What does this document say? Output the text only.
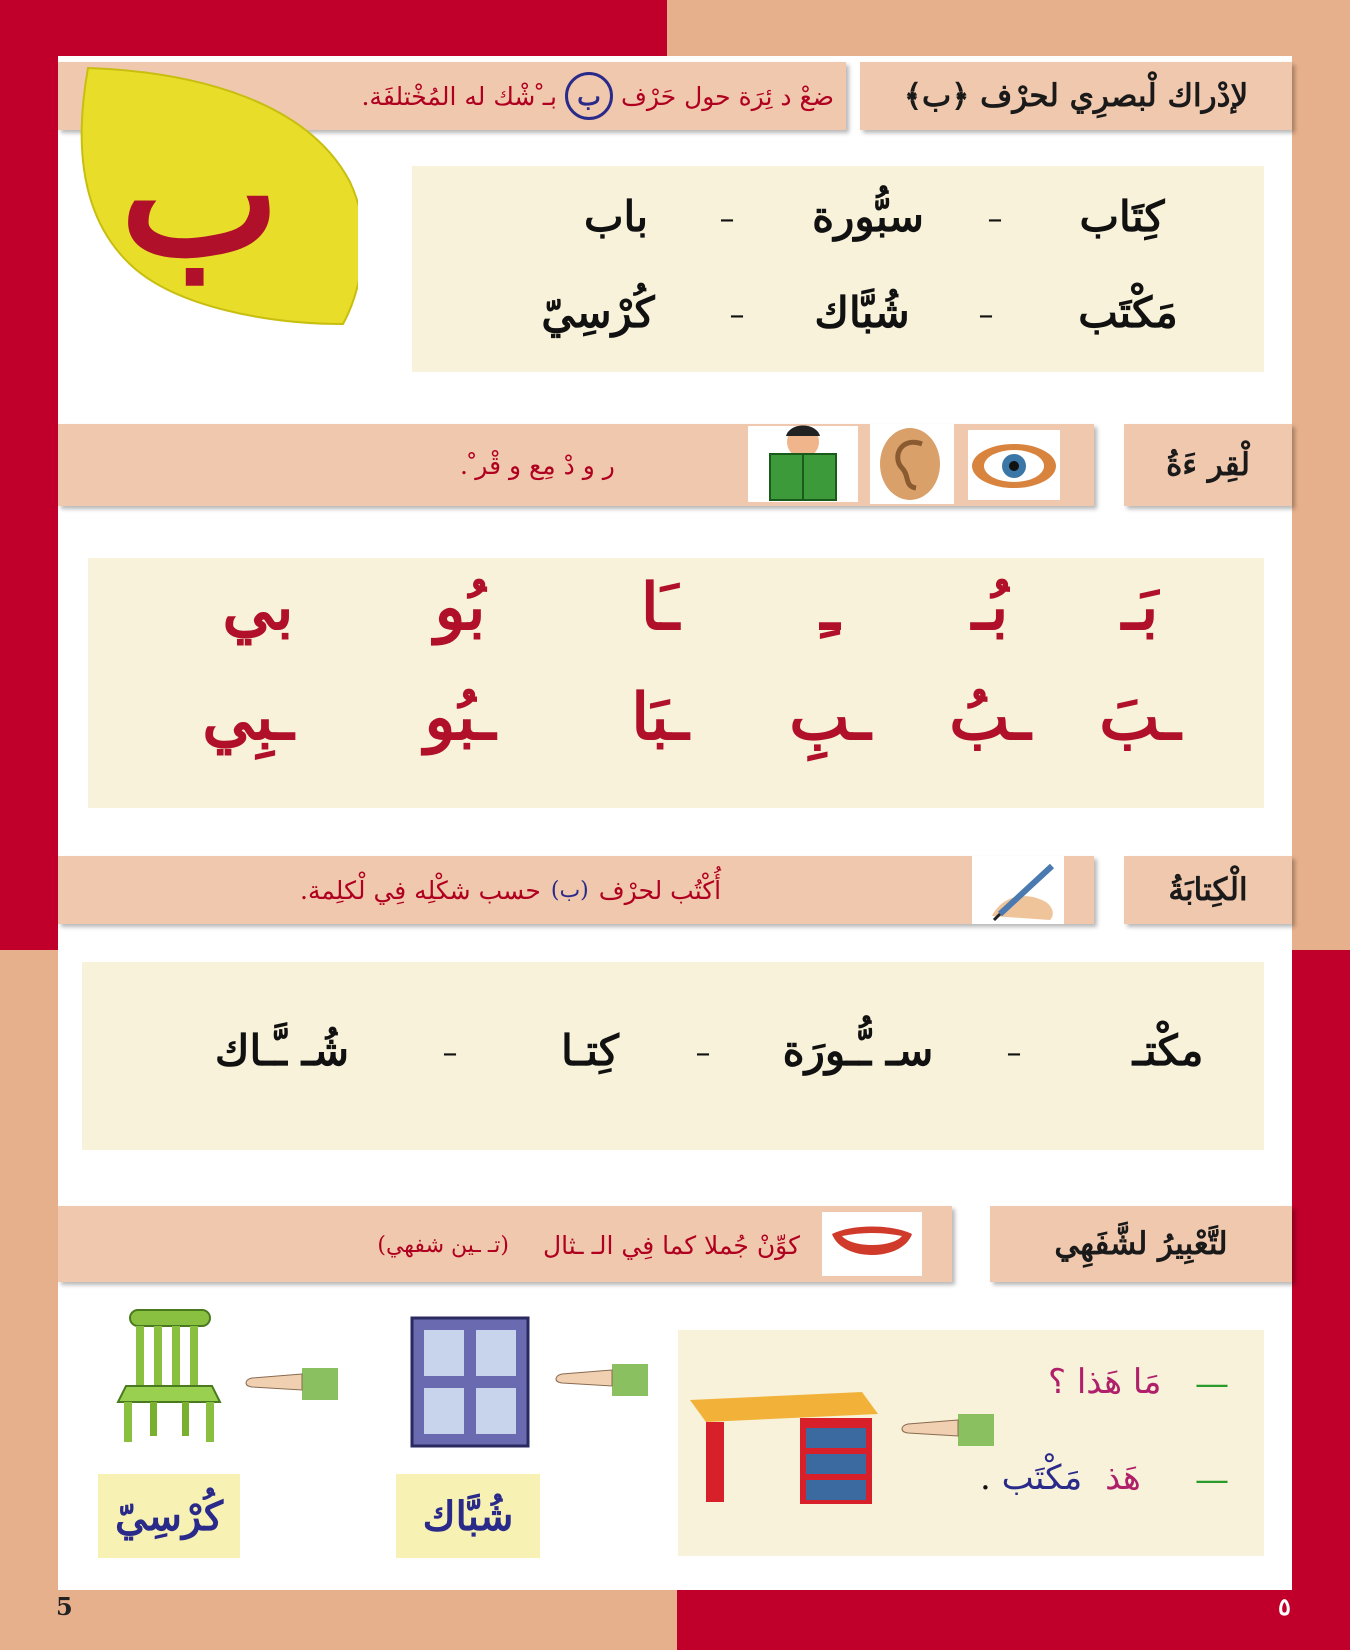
لإدْراك لْبصرِي لحرْف ﴿ب﴾
ضعْ د ئِرَة حول حَرْف
ب
بـ ْشْك له المُخْتلفَة.
ب	كِتَاب
–
سبُّورة
–
باب
مَكْتَب
–
شُبَّاك
–
كُرْسِيّ
لْقِر ءَةُ
ر و دْ مِع و قْر ْ.
بَـ
بُـ
ـِ
ـَا
بُو
بي
ـبَ
ـبُ
ـبِ
ـبَا
ـبُو
ـبِي
الْكِتابَةُ
أُكْتُب لحرْف
(ب)
حسب شكْلِه فِي لْكلِمة.
مكْتـ
–
سـ ـُّـورَة
–
كِتـا
–
شُـ ـَّـاك
لتَّعْبِيرُ لشَّفَهِي
كوِّنْ جُملا كما فِي الـ ـثال
(تـ ـين شفهي)
—
مَا هَذا ؟
—
هَذ مَكْتَب .
شُبَّاك
كُرْسِيّ
5	٥
